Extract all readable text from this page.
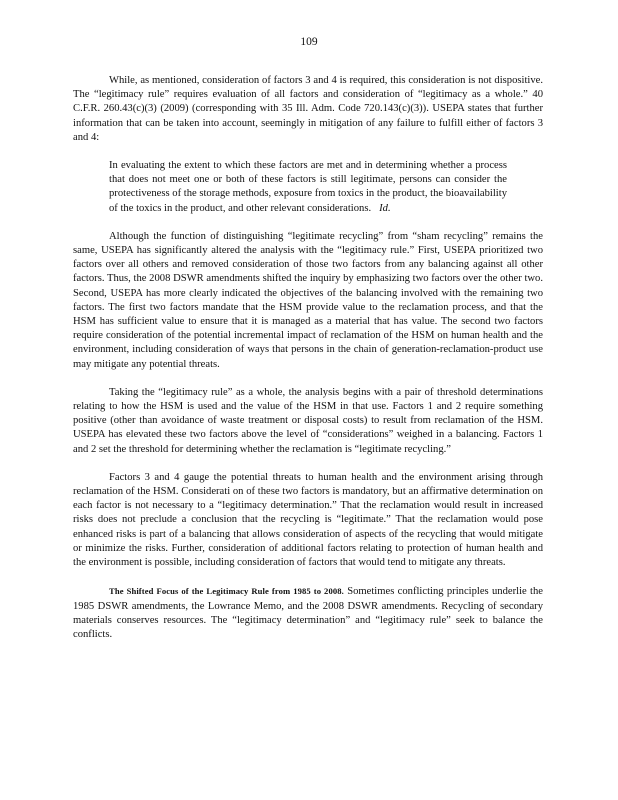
109

While, as mentioned, consideration of factors 3 and 4 is required, this consideration is not dispositive. The “legitimacy rule” requires evaluation of all factors and consideration of “legitimacy as a whole.” 40 C.F.R. 260.43(c)(3) (2009) (corresponding with 35 Ill. Adm. Code 720.143(c)(3)). USEPA states that further information that can be taken into account, seemingly in mitigation of any failure to fulfill either of factors 3 and 4:

In evaluating the extent to which these factors are met and in determining whether a process that does not meet one or both of these factors is still legitimate, persons can consider the protectiveness of the storage methods, exposure from toxics in the product, the bioavailability of the toxics in the product, and other relevant considerations. Id.

Although the function of distinguishing “legitimate recycling” from “sham recycling” remains the same, USEPA has significantly altered the analysis with the “legitimacy rule.” First, USEPA prioritized two factors over all others and removed consideration of those two factors from any balancing against all other factors. Thus, the 2008 DSWR amendments shifted the inquiry by emphasizing two factors over the other two. Second, USEPA has more clearly indicated the objectives of the balancing involved with the remaining two factors. The first two factors mandate that the HSM provide value to the reclamation process, and that the HSM has sufficient value to ensure that it is managed as a material that has value. The second two factors require consideration of the potential incremental impact of reclamation of the HSM on human health and the environment, including consideration of ways that persons in the chain of generation-reclamation-product use may mitigate any potential threats.

Taking the “legitimacy rule” as a whole, the analysis begins with a pair of threshold determinations relating to how the HSM is used and the value of the HSM in that use. Factors 1 and 2 require something positive (other than avoidance of waste treatment or disposal costs) to result from reclamation of the HSM. USEPA has elevated these two factors above the level of “considerations” weighed in a balancing. Factors 1 and 2 set the threshold for determining whether the reclamation is “legitimate recycling.”

Factors 3 and 4 gauge the potential threats to human health and the environment arising through reclamation of the HSM. Considerati on of these two factors is mandatory, but an affirmative determination on each factor is not necessary to a “legitimacy determination.” That the reclamation would result in increased risks does not preclude a conclusion that the recycling is “legitimate.” That the reclamation would pose enhanced risks is part of a balancing that allows consideration of aspects of the recycling that would mitigate or minimize the risks. Further, consideration of additional factors relating to protection of human health and the environment is possible, including consideration of factors that would tend to mitigate any threats.

The Shifted Focus of the Legitimacy Rule from 1985 to 2008. Sometimes conflicting principles underlie the 1985 DSWR amendments, the Lowrance Memo, and the 2008 DSWR amendments. Recycling of secondary materials conserves resources. The “legitimacy determination” and “legitimacy rule” seek to balance the conflicts.
